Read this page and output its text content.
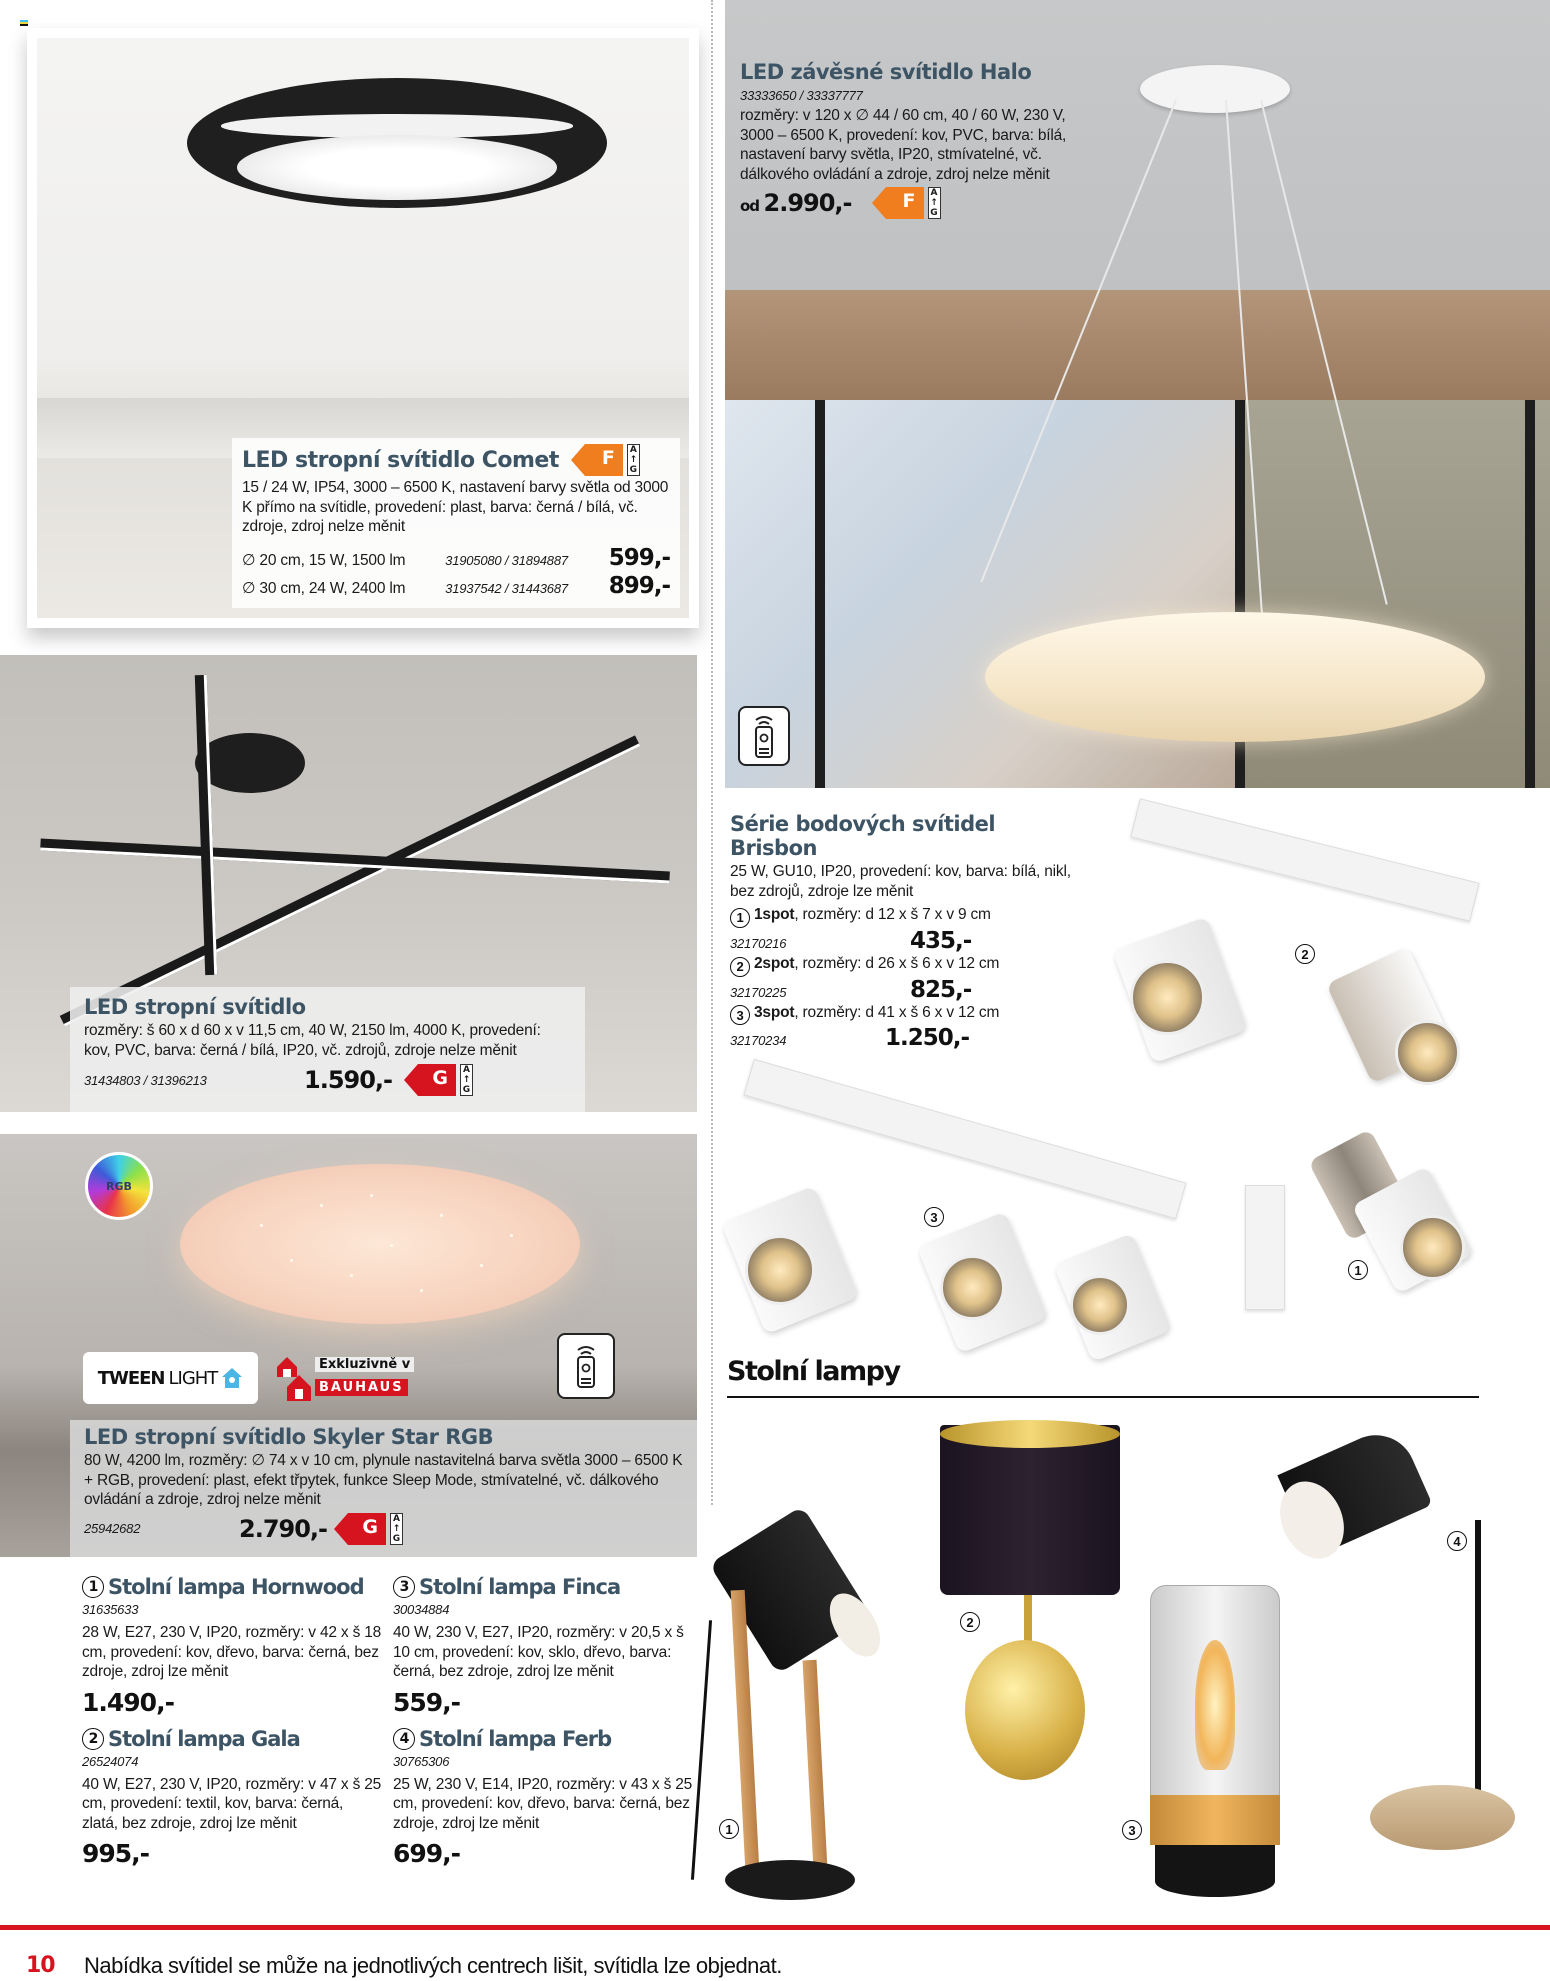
LED stropní svítidlo Comet F	A
↑
G

15 / 24 W, IP54, 3000 – 6500 K, nastavení barvy světla od 3000 K přímo na svítidle, provedení: plast, barva: černá / bílá, vč. zdroje, zdroj nelze měnit

∅ 20 cm, 15 W, 1500 lm	31905080 / 31894887	599,-
∅ 30 cm, 24 W, 2400 lm	31937542 / 31443687	899,-
LED závěsné svítidlo Halo

33333650 / 33337777

rozměry: v 120 x ∅ 44 / 60 cm, 40 / 60 W, 230 V, 3000 – 6500 K, provedení: kov, PVC, barva: bílá, nastavení barvy světla, IP20, stmívatelné, vč. dálkového ovládání a zdroje, zdroj nelze měnit

od 2.990,-	F	A
↑
G
LED stropní svítidlo

rozměry: š 60 x d 60 x v 11,5 cm, 40 W, 2150 lm, 4000 K, provedení: kov, PVC, barva: černá / bílá, IP20, vč. zdrojů, zdroje nelze měnit

31434803 / 31396213	1.590,-	G	A
↑
G
RGB
TWEEN LIGHT
Exkluzivně v
BAUHAUS
LED stropní svítidlo Skyler Star RGB

80 W, 4200 lm, rozměry: ∅ 74 x v 10 cm, plynule nastavitelná barva světla 3000 – 6500 K + RGB, provedení: plast, efekt třpytek, funkce Sleep Mode, stmívatelné, vč. dálkového ovládání a zdroje, zdroj nelze měnit

25942682	2.790,-	G	A
↑
G
Série bodových svítidel Brisbon

25 W, GU10, IP20, provedení: kov, barva: bílá, nikl, bez zdrojů, zdroje lze měnit

1 1spot, rozměry: d 12 x š 7 x v 9 cm

32170216	435,-

2 2spot, rozměry: d 26 x š 6 x v 12 cm

32170225	825,-

3 3spot, rozměry: d 41 x š 6 x v 12 cm

32170234	1.250,-
2
3
1
Stolní lampy
1 Stolní lampa Hornwood
31635633

28 W, E27, 230 V, IP20, rozměry: v 42 x š 18 cm, provedení: kov, dřevo, barva: černá, bez zdroje, zdroj lze měnit

1.490,-
2 Stolní lampa Gala
26524074

40 W, E27, 230 V, IP20, rozměry: v 47 x š 25 cm, provedení: textil, kov, barva: černá, zlatá, bez zdroje, zdroj lze měnit

995,-
3 Stolní lampa Finca
30034884

40 W, 230 V, E27, IP20, rozměry: v 20,5 x š 10 cm, provedení: kov, sklo, dřevo, barva: černá, bez zdroje, zdroj lze měnit

559,-
4 Stolní lampa Ferb
30765306

25 W, 230 V, E14, IP20, rozměry: v 43 x š 25 cm, provedení: kov, dřevo, barva: černá, bez zdroje, zdroj lze měnit

699,-
1
2
3
4
10 Nabídka svítidel se může na jednotlivých centrech lišit, svítidla lze objednat.
